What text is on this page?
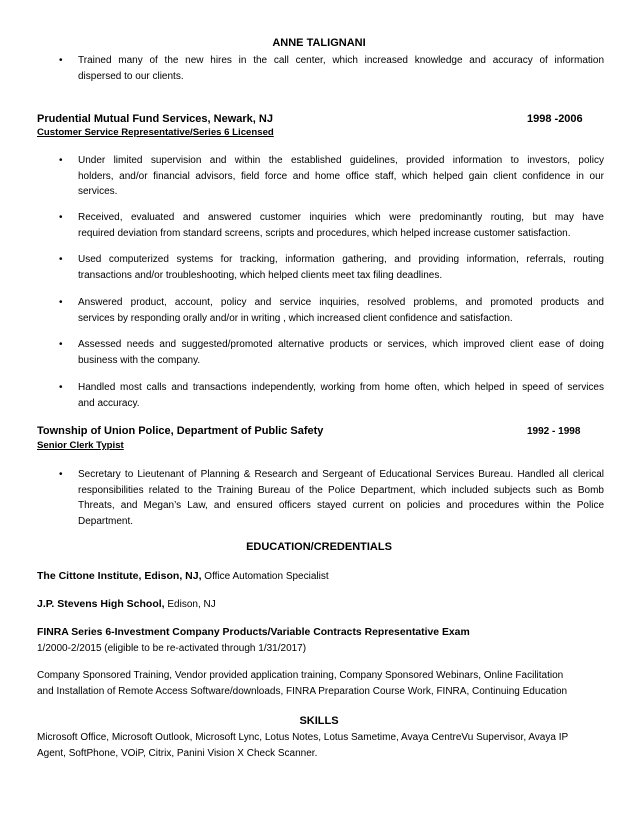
ANNE TALIGNANI
• Trained many of the new hires in the call center, which increased knowledge and accuracy of information
dispersed to our clients.
Prudential Mutual Fund Services, Newark, NJ	1998 -2006
Customer Service Representative/Series 6 Licensed
• Under limited supervision and within the established guidelines, provided information to investors, policy
holders, and/or financial advisors, field force and home office staff, which helped gain client confidence in our
services.
• Received, evaluated and answered customer inquiries which were predominantly routing, but may have
required deviation from standard screens, scripts and procedures, which helped increase customer satisfaction.
• Used computerized systems for tracking, information gathering, and providing information, referrals, routing
transactions and/or troubleshooting, which helped clients meet tax filing deadlines.
• Answered product, account, policy and service inquiries, resolved problems, and promoted products and
services by responding orally and/or in writing , which increased client confidence and satisfaction.
• Assessed needs and suggested/promoted alternative products or services, which improved client ease of doing
business with the company.
• Handled most calls and transactions independently, working from home often, which helped in speed of services
and accuracy.
Township of Union Police, Department of Public Safety	1992 - 1998
Senior Clerk Typist
• Secretary to Lieutenant of Planning & Research and Sergeant of Educational Services Bureau. Handled all clerical
responsibilities related to the Training Bureau of the Police Department, which included subjects such as Bomb
Threats, and Megan’s Law, and ensured officers stayed current on policies and procedures within the Police
Department.
EDUCATION/CREDENTIALS
The Cittone Institute, Edison, NJ, Office Automation Specialist
J.P. Stevens High School, Edison, NJ
FINRA Series 6-Investment Company Products/Variable Contracts Representative Exam
1/2000-2/2015 (eligible to be re-activated through 1/31/2017)
Company Sponsored Training, Vendor provided application training, Company Sponsored Webinars, Online Facilitation
and Installation of Remote Access Software/downloads, FINRA Preparation Course Work, FINRA, Continuing Education
SKILLS
Microsoft Office, Microsoft Outlook, Microsoft Lync, Lotus Notes, Lotus Sametime, Avaya CentreVu Supervisor, Avaya IP
Agent, SoftPhone, VOiP, Citrix, Panini Vision X Check Scanner.
